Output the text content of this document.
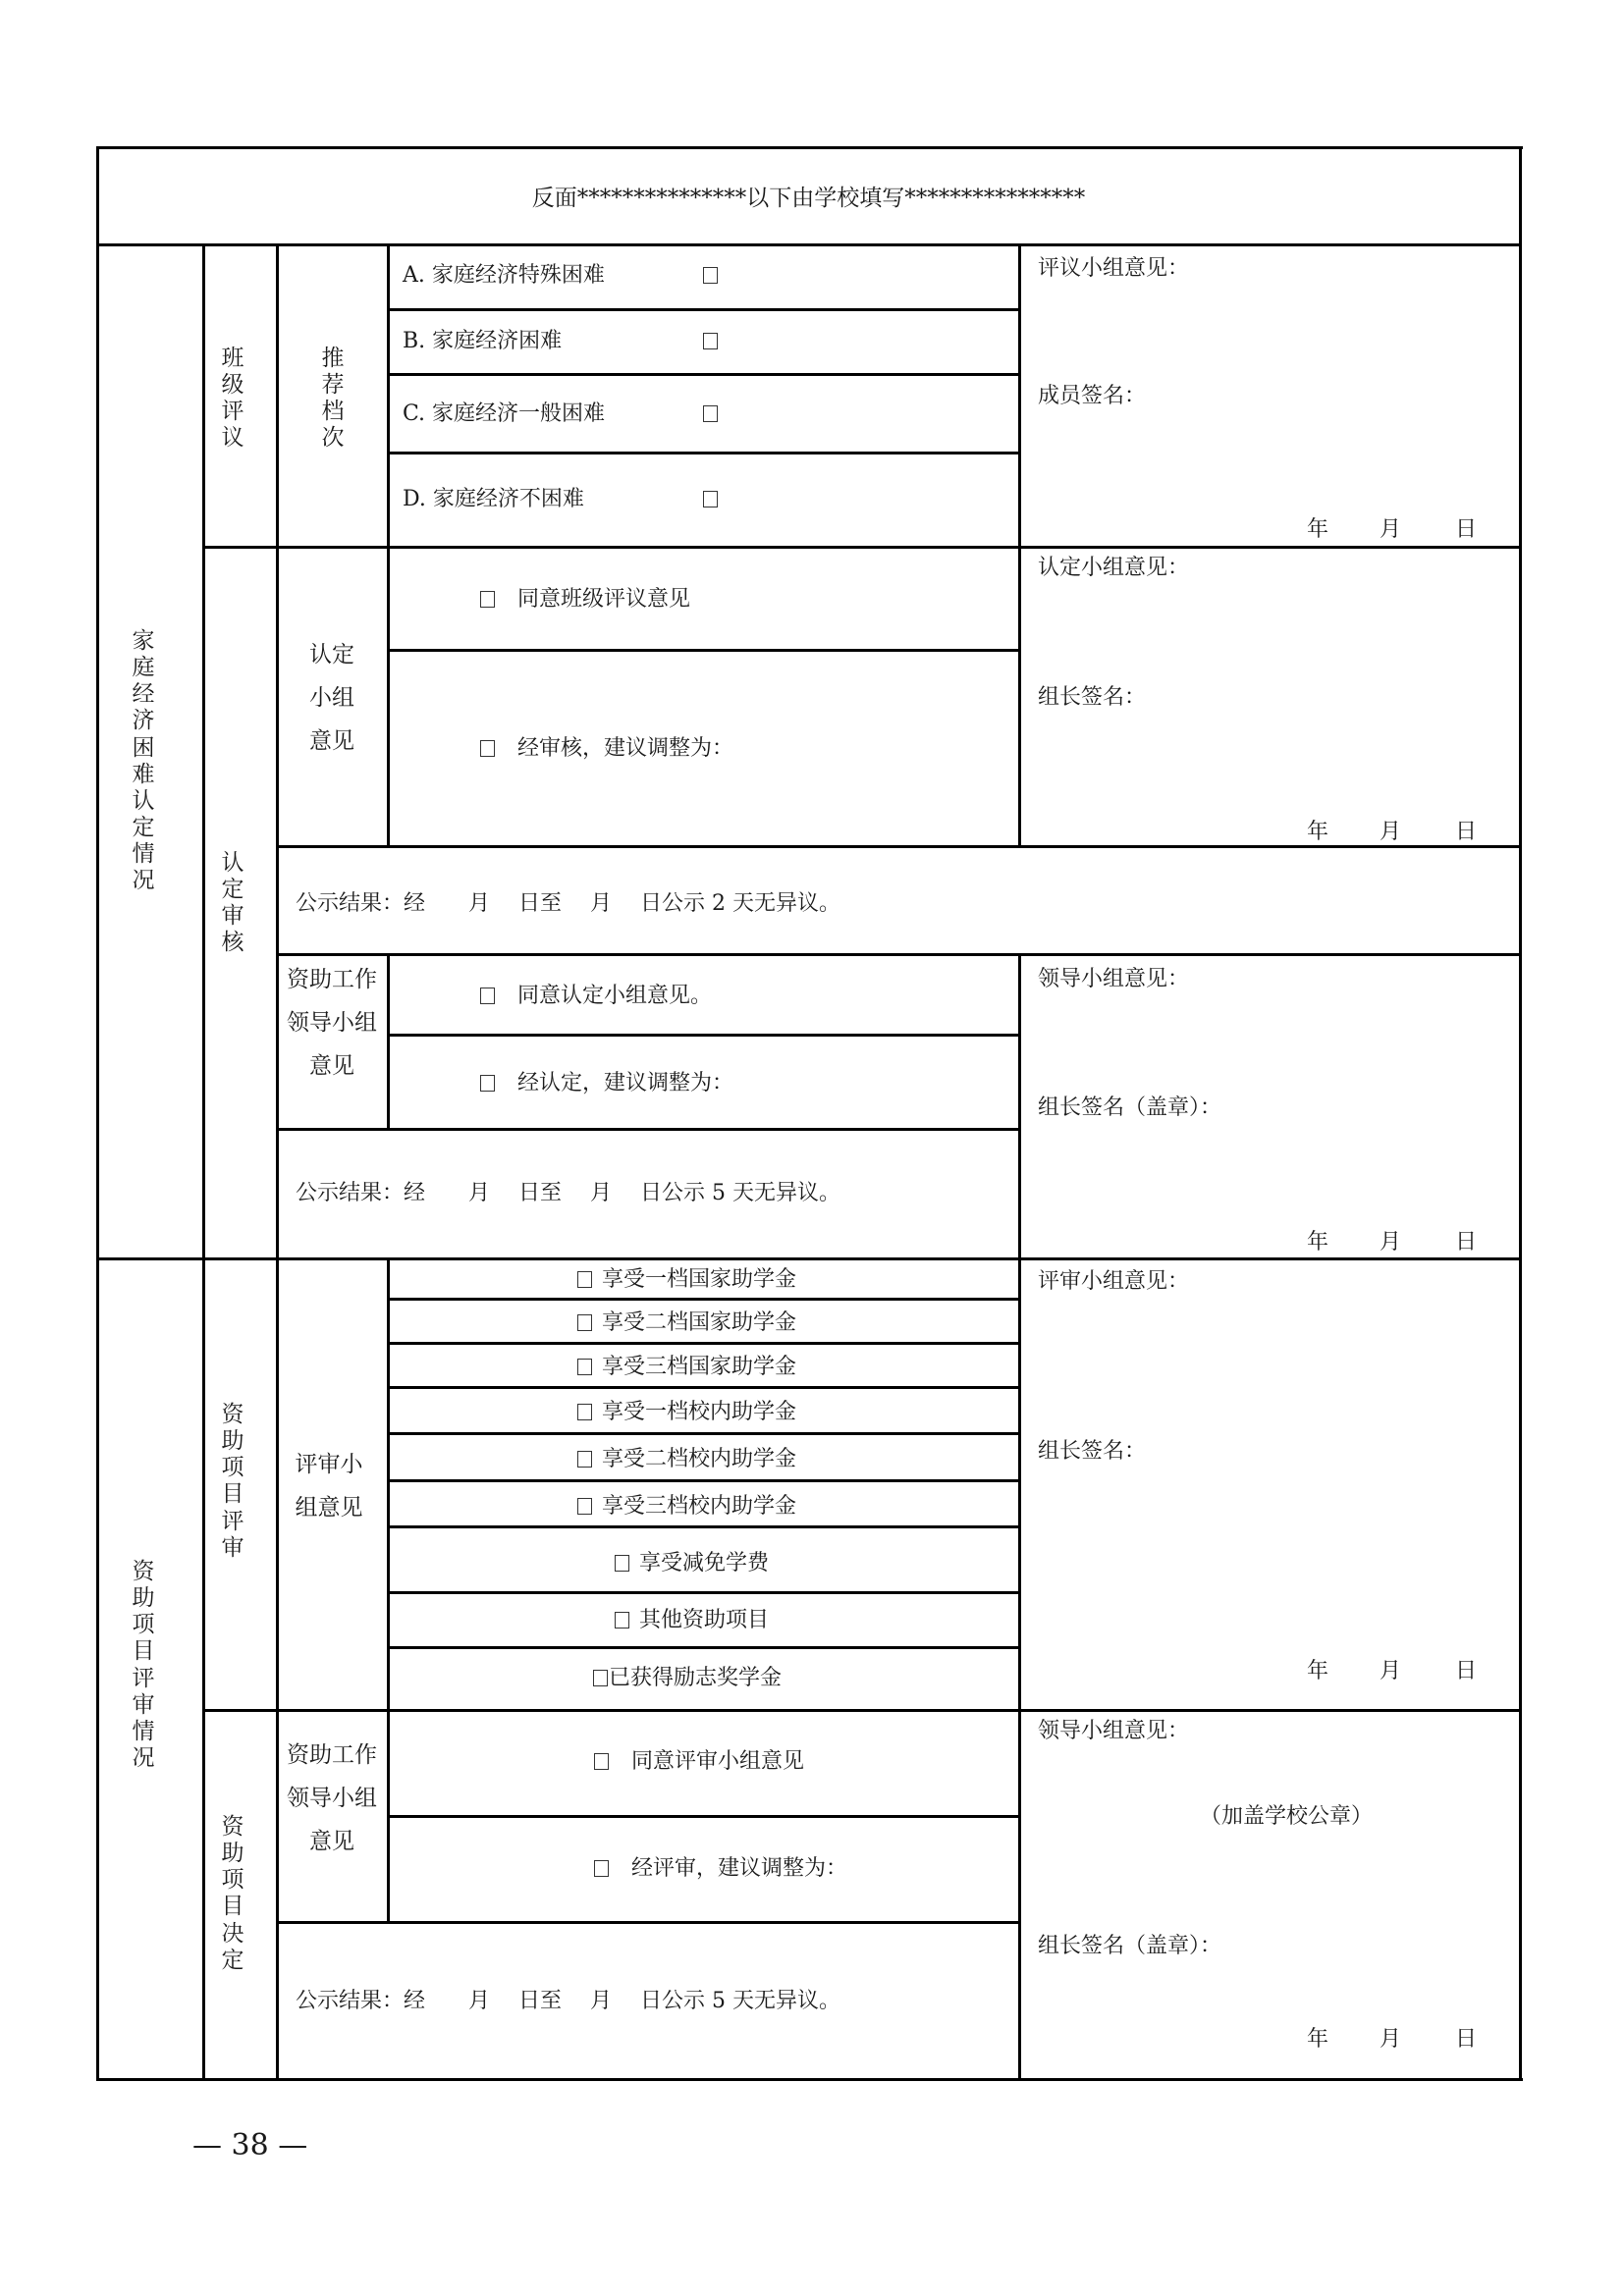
反面***************以下由学校填写****************
家庭经济困难认定情况
班级评议
推荐档次
A. 家庭经济特殊困难
B. 家庭经济困难
C. 家庭经济一般困难
D. 家庭经济不困难
评议小组意见：
成员签名：
年 月 日
认定审核
认定小组意见
同意班级评议意见
经审核，建议调整为：
认定小组意见：
组长签名：
年 月 日
公示结果：经　　月　 日至　 月　 日公示 2 天无异议。
资助工作领导小组意见
同意认定小组意见。
经认定，建议调整为：
公示结果：经　　月　 日至　 月　 日公示 5 天无异议。
领导小组意见：
组长签名（盖章）：
年 月 日
资助项目评审情况
资助项目评审
评审小组意见
享受一档国家助学金
享受二档国家助学金
享受三档国家助学金
享受一档校内助学金
享受二档校内助学金
享受三档校内助学金
享受减免学费
其他资助项目
已获得励志奖学金
评审小组意见：
组长签名：
年 月 日
资助项目决定
资助工作领导小组意见
同意评审小组意见
经评审，建议调整为：
公示结果：经　　月　 日至　 月　 日公示 5 天无异议。
领导小组意见：
（加盖学校公章）
组长签名（盖章）：
年 月 日
— 38 —
